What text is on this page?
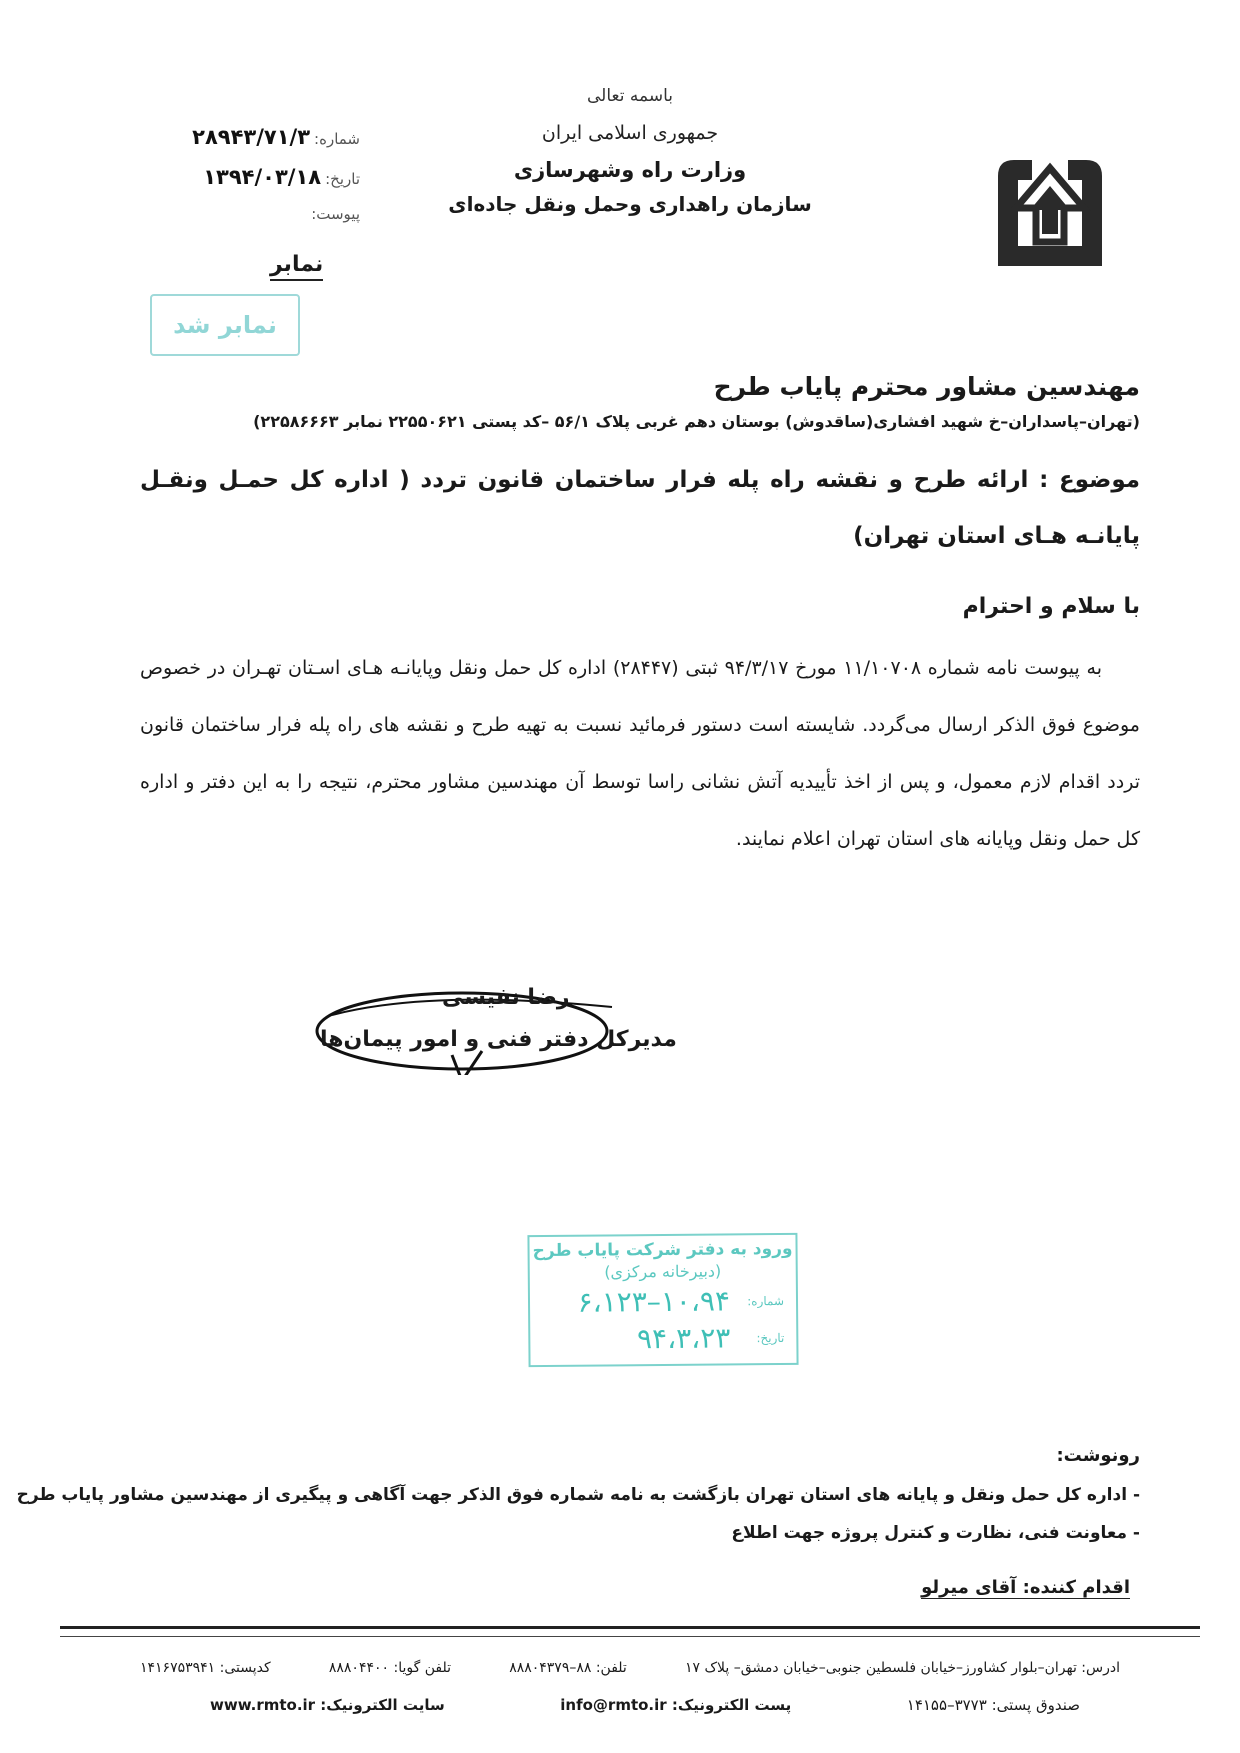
باسمه تعالی
جمهوری اسلامی ایران
وزارت راه وشهرسازی
سازمان راهداری وحمل ونقل جاده‌ای
شماره:
۲۸۹۴۳/۷۱/۳
تاریخ:
۱۳۹۴/۰۳/۱۸
پیوست:
نمابر
نمابر شد
مهندسین مشاور محترم پایاب طرح
(تهران–پاسداران–خ شهید افشاری(ساقدوش) بوستان دهم غربی پلاک ۵۶/۱ –کد پستی ۲۲۵۵۰۶۲۱ نمابر ۲۲۵۸۶۶۶۳)
موضوع : ارائه طرح و نقشه راه پله فرار ساختمان قانون تردد ( اداره کل حمـل ونقـل پایانـه هـای استان تهران)
با سلام و احترام
به پیوست نامه شماره ۱۱/۱۰۷۰۸ مورخ ۹۴/۳/۱۷ ثبتی (۲۸۴۴۷) اداره کل حمل ونقل وپایانـه هـای اسـتان تهـران در خصوص موضوع فوق الذکر ارسال می‌گردد. شایسته است دستور فرمائید نسبت به تهیه طرح و نقشه های راه پله فرار ساختمان قانون تردد اقدام لازم معمول، و پس از اخذ تأییدیه آتش نشانی راسا توسط آن مهندسین مشاور محترم، نتیجه را به این دفتر و اداره کل حمل ونقل وپایانه های استان تهران اعلام نمایند.
رضا نفیسی
مدیرکل دفتر فنی و امور پیمان‌ها
ورود به دفتر شرکت پایاب طرح
(دبیرخانه مرکزی)
شماره:
۱۰،۹۴–۶،۱۲۳
تاریخ:
۹۴،۳،۲۳
رونوشت:
- اداره کل حمل ونقل و پایانه های استان تهران بازگشت به نامه شماره فوق الذکر جهت آگاهی و پیگیری از مهندسین مشاور پایاب طرح
- معاونت فنی، نظارت و کنترل پروژه جهت اطلاع
اقدام کننده: آقای میرلو
ادرس: تهران–بلوار کشاورز–خیابان فلسطین جنوبی–خیابان دمشق– پلاک ۱۷
تلفن: ۸۸–۸۸۸۰۴۳۷۹
تلفن گویا: ۸۸۸۰۴۴۰۰
کدپستی: ۱۴۱۶۷۵۳۹۴۱
صندوق پستی: ۳۷۷۳–۱۴۱۵۵
پست الکترونیک: info@rmto.ir
سایت الکترونیک: www.rmto.ir
